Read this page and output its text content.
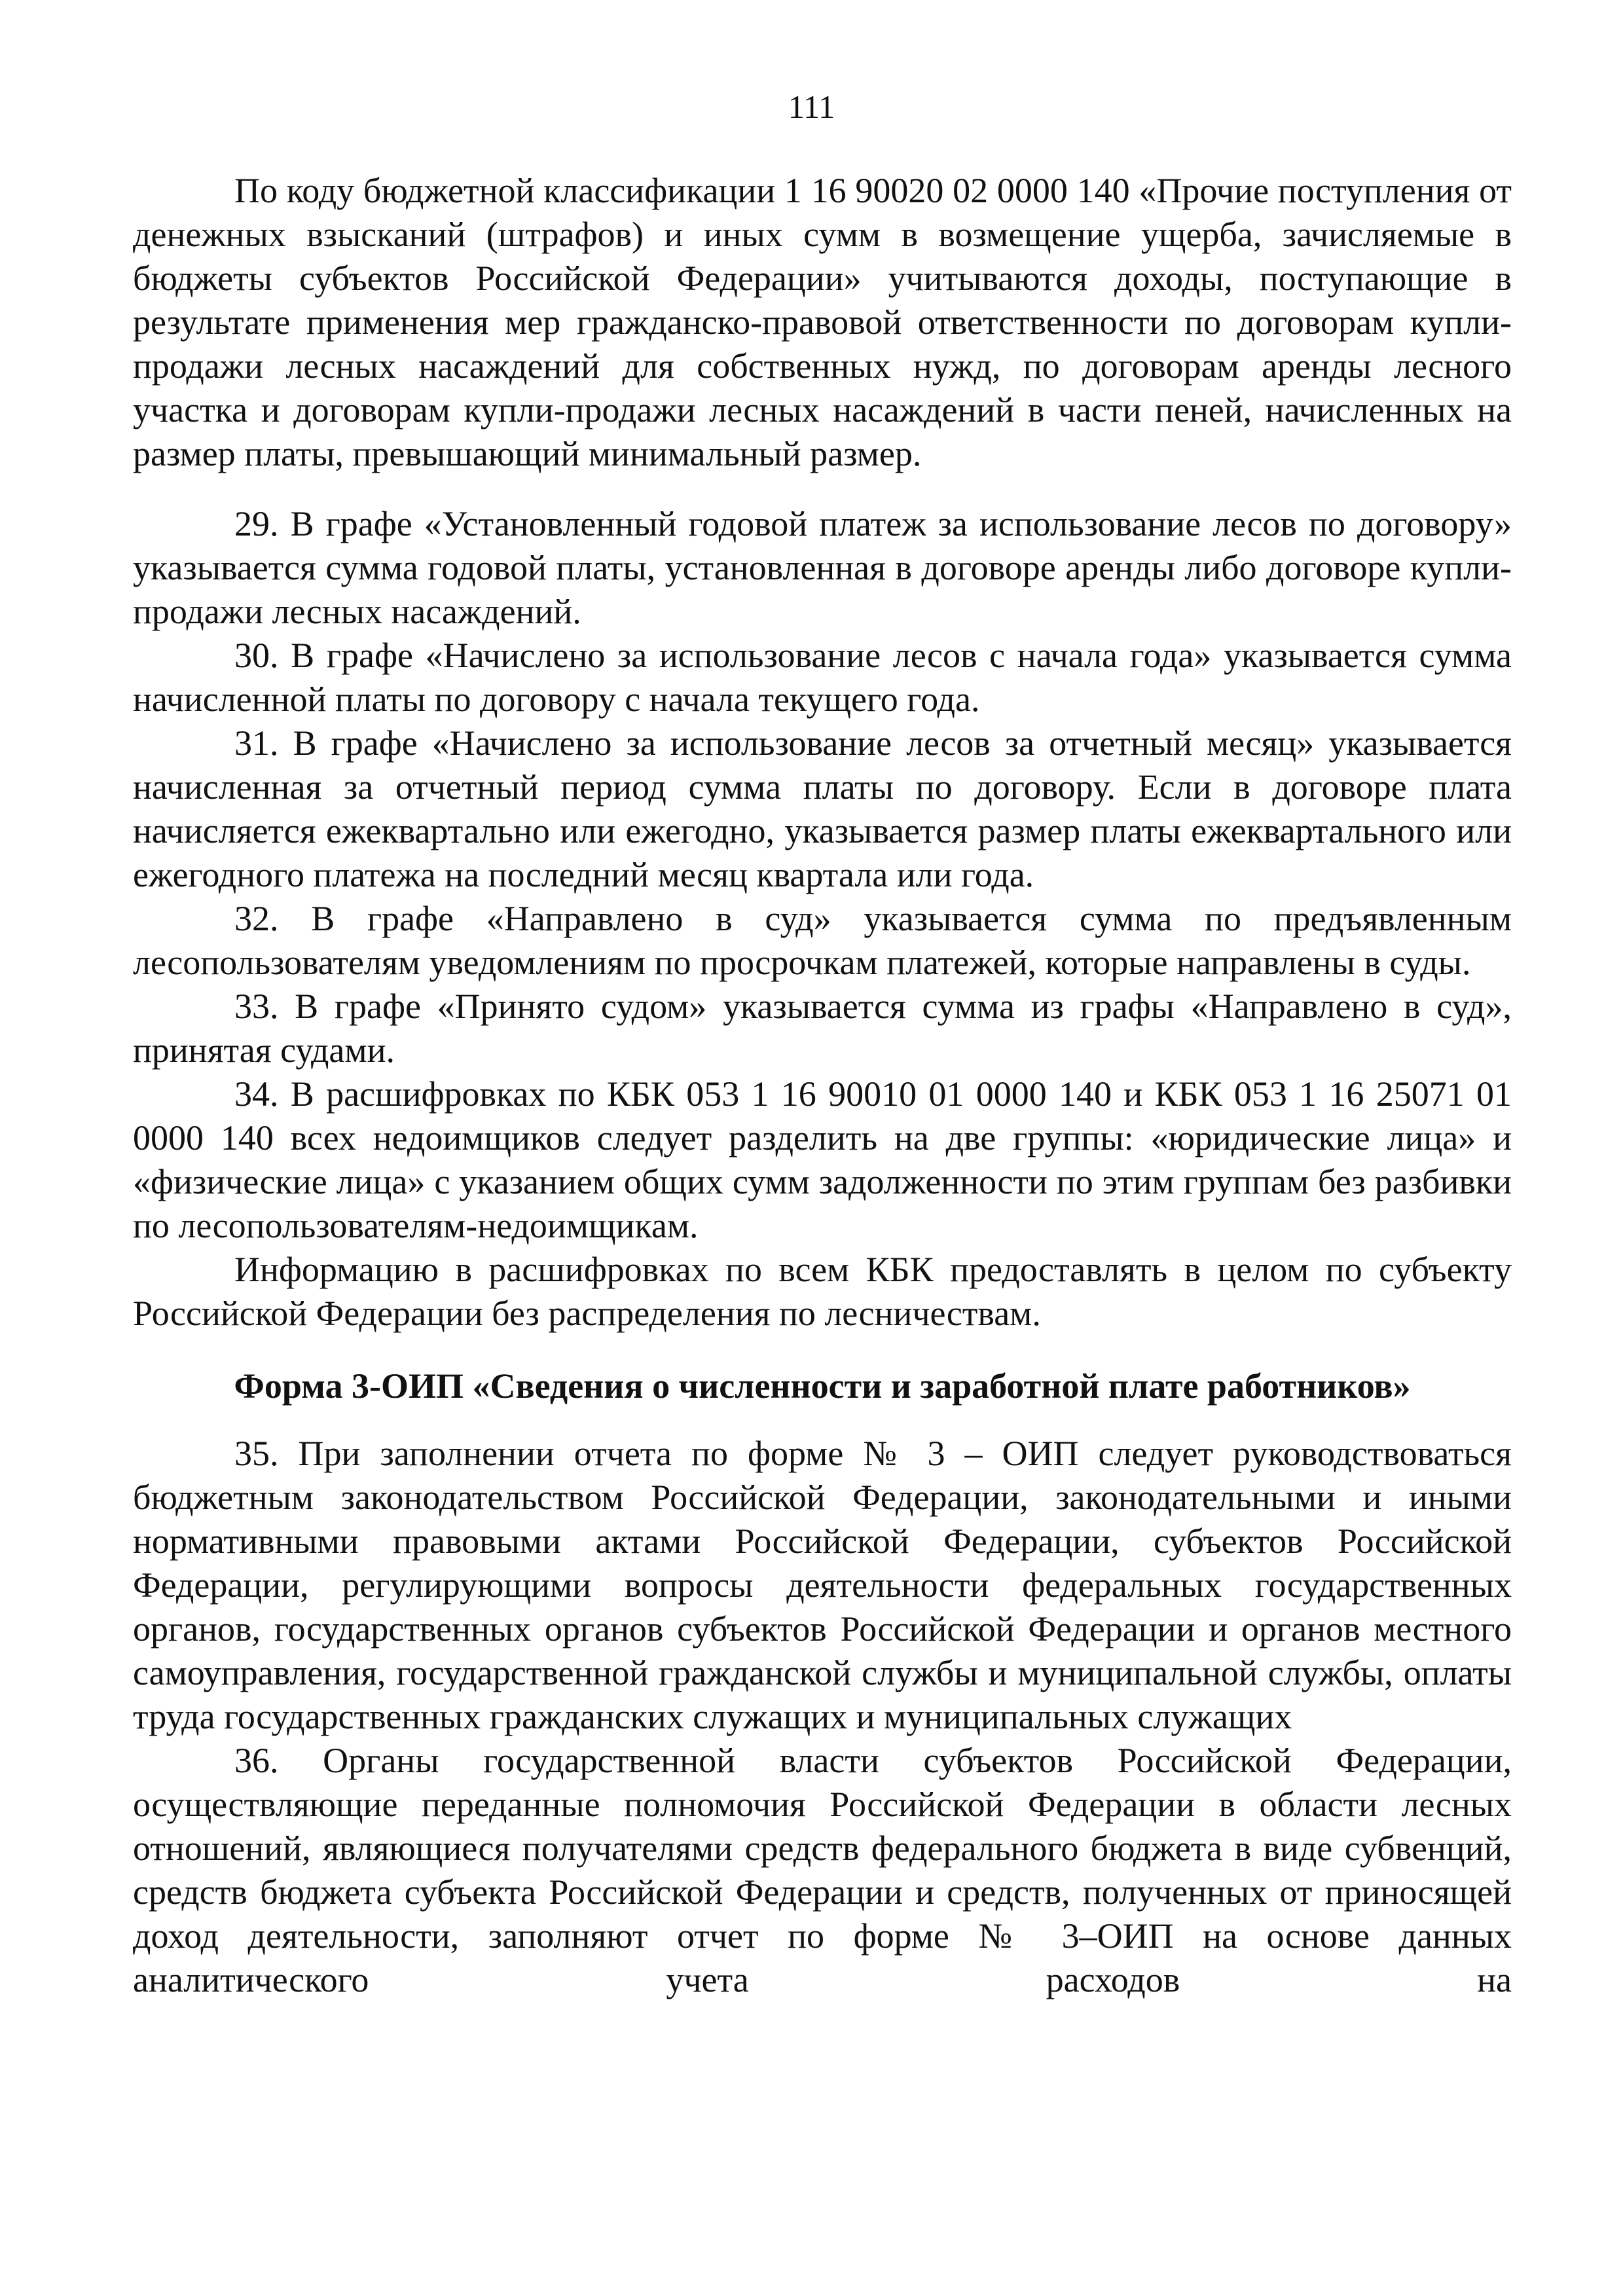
111

По коду бюджетной классификации 1 16 90020 02 0000 140 «Прочие поступления от денежных взысканий (штрафов) и иных сумм в возмещение ущерба, зачисляемые в бюджеты субъектов Российской Федерации» учитываются доходы, поступающие в результате применения мер гражданско-правовой ответственности по договорам купли-продажи лесных насаждений для собственных нужд, по договорам аренды лесного участка и договорам купли-продажи лесных насаждений в части пеней, начисленных на размер платы, превышающий минимальный размер.

29. В графе «Установленный годовой платеж за использование лесов по договору» указывается сумма годовой платы, установленная в договоре аренды либо договоре купли-продажи лесных насаждений.

30. В графе «Начислено за использование лесов с начала года» указывается сумма начисленной платы по договору с начала текущего года.

31. В графе «Начислено за использование лесов за отчетный месяц» указывается начисленная за отчетный период сумма платы по договору. Если в договоре плата начисляется ежеквартально или ежегодно, указывается размер платы ежеквартального или ежегодного платежа на последний месяц квартала или года.

32. В графе «Направлено в суд» указывается сумма по предъявленным лесопользователям уведомлениям по просрочкам платежей, которые направлены в суды.

33. В графе «Принято судом» указывается сумма из графы «Направлено в суд», принятая судами.

34. В расшифровках по КБК 053 1 16 90010 01 0000 140 и КБК 053 1 16 25071 01 0000 140 всех недоимщиков следует разделить на две группы: «юридические лица» и «физические лица» с указанием общих сумм задолженности по этим группам без разбивки по лесопользователям-недоимщикам.

Информацию в расшифровках по всем КБК предоставлять в целом по субъекту Российской Федерации без распределения по лесничествам.

Форма 3-ОИП «Сведения о численности и заработной плате работников»

35. При заполнении отчета по форме № 3 – ОИП следует руководствоваться бюджетным законодательством Российской Федерации, законодательными и иными нормативными правовыми актами Российской Федерации, субъектов Российской Федерации, регулирующими вопросы деятельности федеральных государственных органов, государственных органов субъектов Российской Федерации и органов местного самоуправления, государственной гражданской службы и муниципальной службы, оплаты труда государственных гражданских служащих и муниципальных служащих

36. Органы государственной власти субъектов Российской Федерации, осуществляющие переданные полномочия Российской Федерации в области лесных отношений, являющиеся получателями средств федерального бюджета в виде субвенций, средств бюджета субъекта Российской Федерации и средств, полученных от приносящей доход деятельности, заполняют отчет по форме № 3–ОИП на основе данных аналитического учета расходов на
